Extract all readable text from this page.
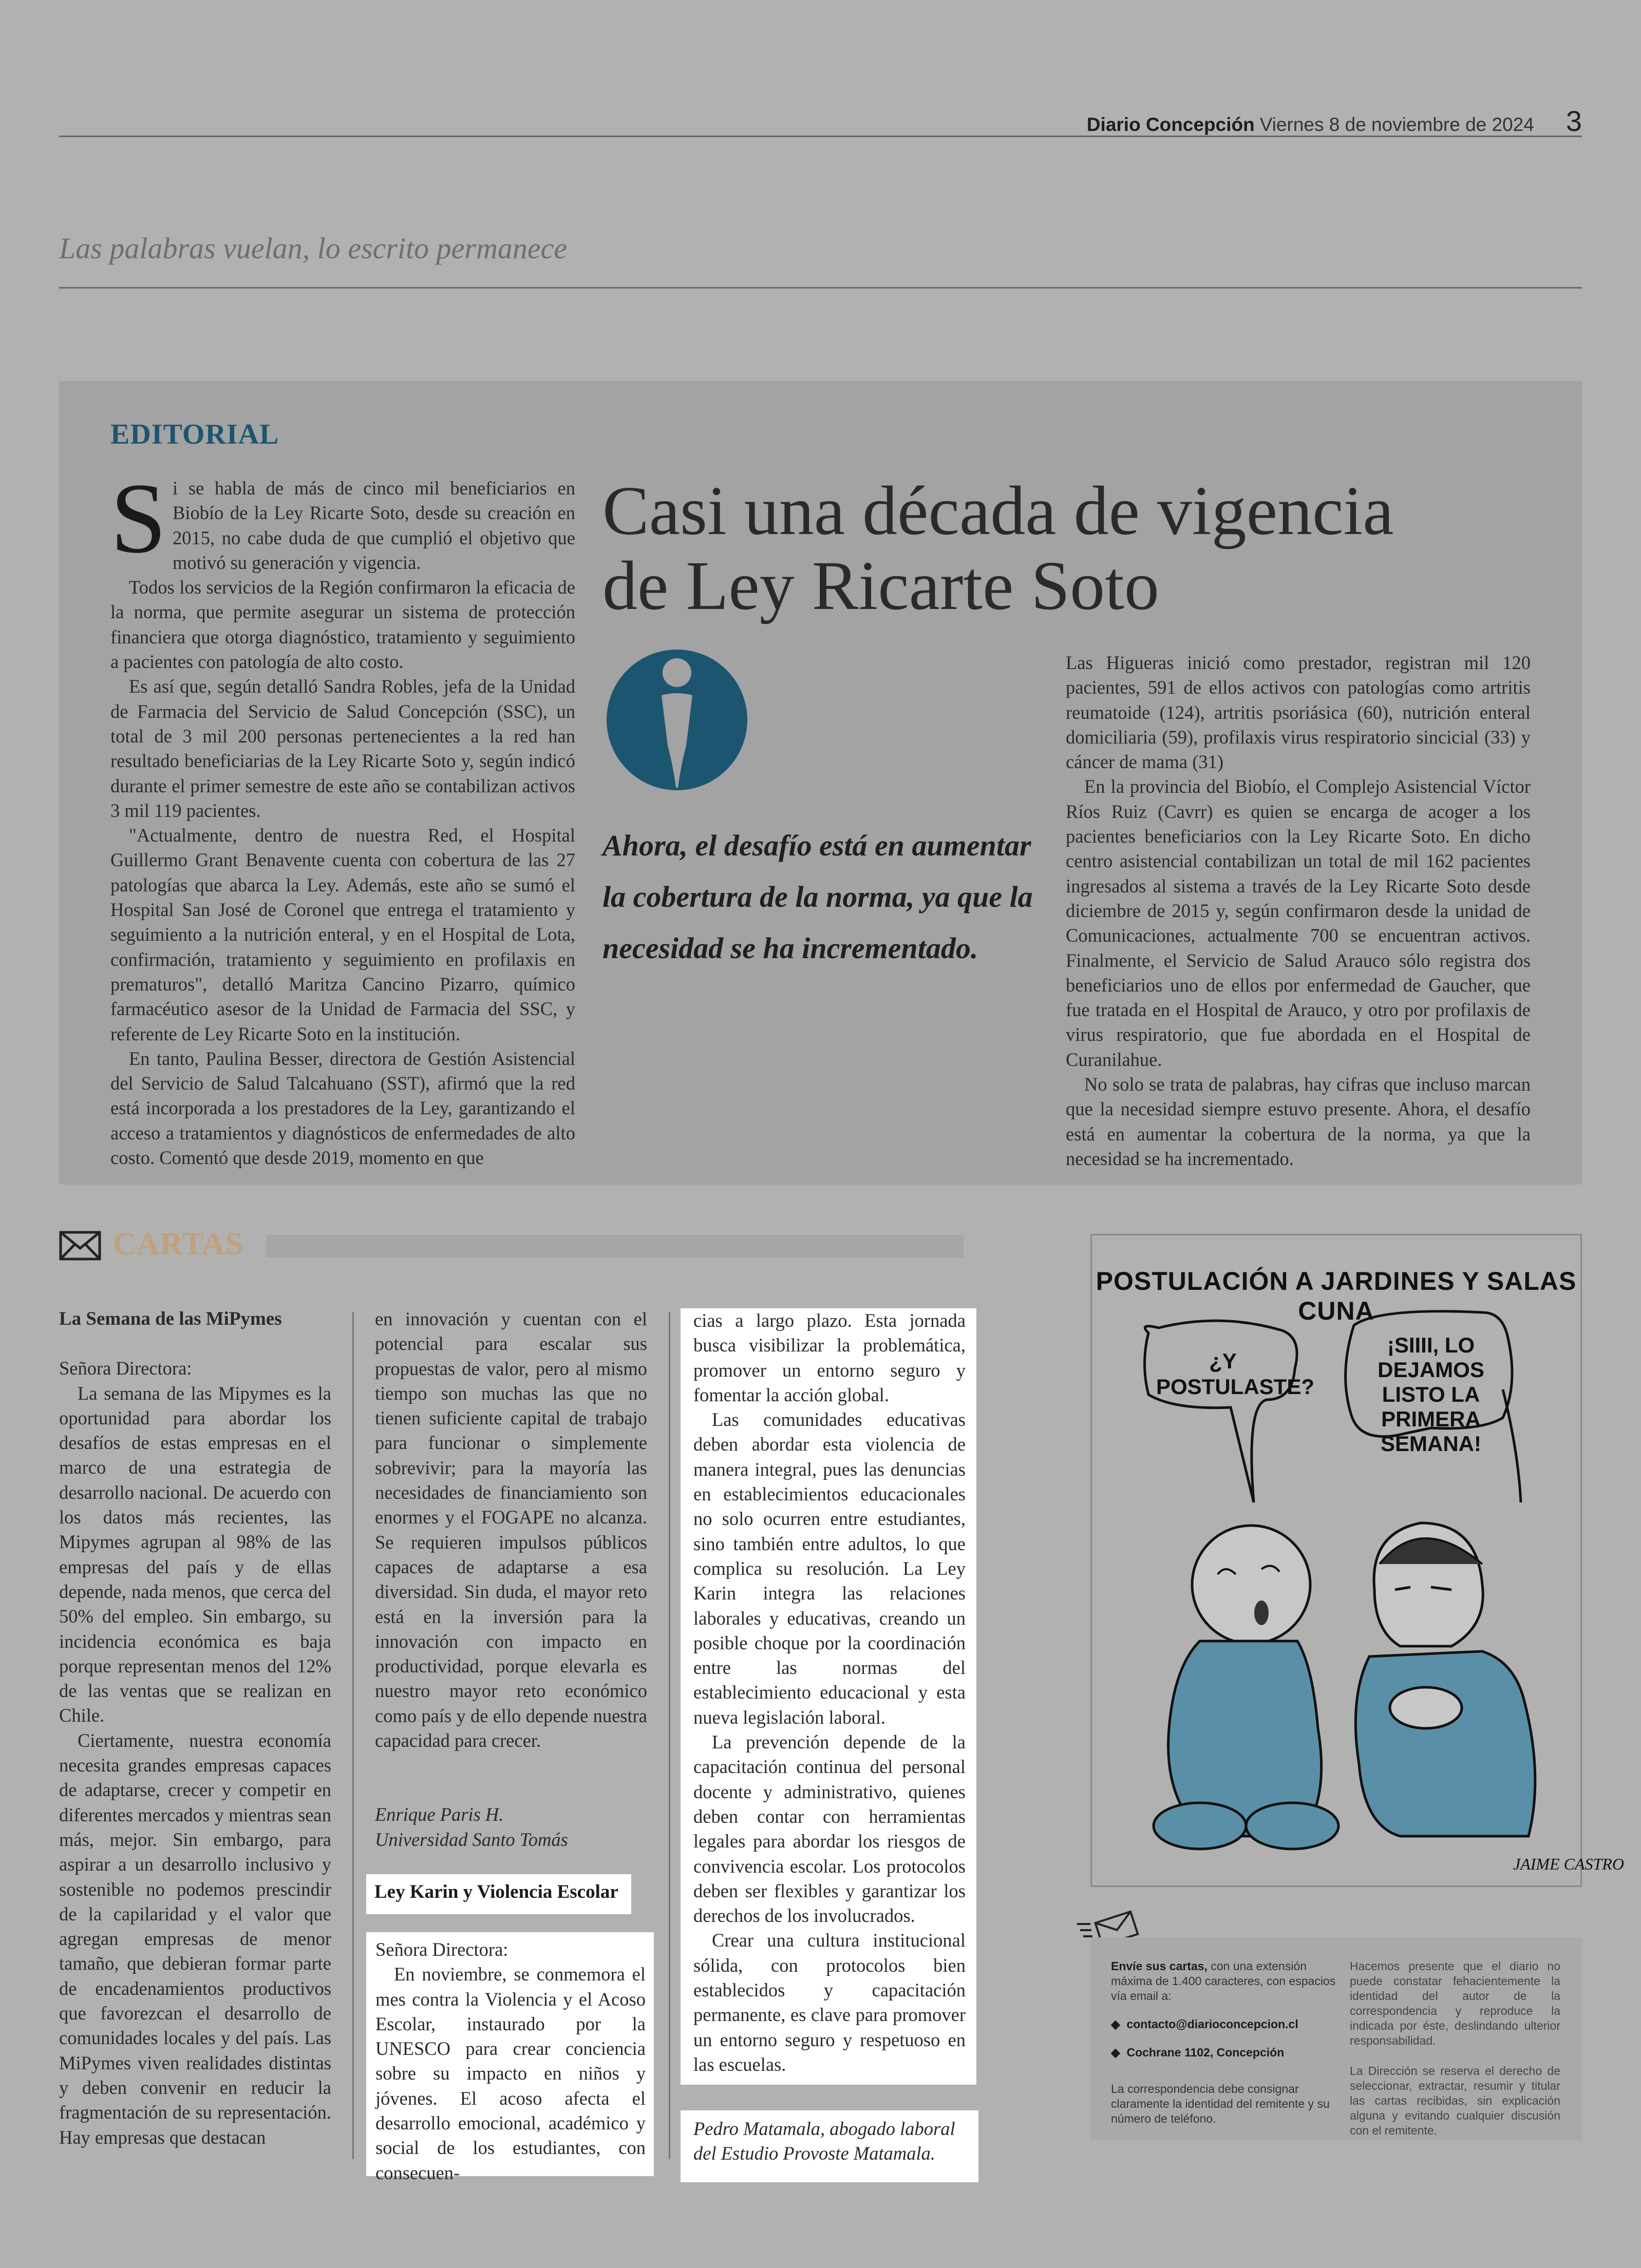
Diario Concepción Viernes 8 de noviembre de 2024 3
Las palabras vuelan, lo escrito permanece
EDITORIAL

Si se habla de más de cinco mil beneficiarios en Biobío de la Ley Ricarte Soto, desde su creación en 2015, no cabe duda de que cumplió el objetivo que motivó su generación y vigencia.

Todos los servicios de la Región confirmaron la eficacia de la norma, que permite asegurar un sistema de protección financiera que otorga diagnóstico, tratamiento y seguimiento a pacientes con patología de alto costo.

Es así que, según detalló Sandra Robles, jefa de la Unidad de Farmacia del Servicio de Salud Concepción (SSC), un total de 3 mil 200 personas pertenecientes a la red han resultado beneficiarias de la Ley Ricarte Soto y, según indicó durante el primer semestre de este año se contabilizan activos 3 mil 119 pacientes.

"Actualmente, dentro de nuestra Red, el Hospital Guillermo Grant Benavente cuenta con cobertura de las 27 patologías que abarca la Ley. Además, este año se sumó el Hospital San José de Coronel que entrega el tratamiento y seguimiento a la nutrición enteral, y en el Hospital de Lota, confirmación, tratamiento y seguimiento en profilaxis en prematuros", detalló Maritza Cancino Pizarro, químico farmacéutico asesor de la Unidad de Farmacia del SSC, y referente de Ley Ricarte Soto en la institución.

En tanto, Paulina Besser, directora de Gestión Asistencial del Servicio de Salud Talcahuano (SST), afirmó que la red está incorporada a los prestadores de la Ley, garantizando el acceso a tratamientos y diagnósticos de enfermedades de alto costo. Comentó que desde 2019, momento en que

Casi una década de vigencia de Ley Ricarte Soto
Ahora, el desafío está en aumentar la cobertura de la norma, ya que la necesidad se ha incrementado.

Las Higueras inició como prestador, registran mil 120 pacientes, 591 de ellos activos con patologías como artritis reumatoide (124), artritis psoriásica (60), nutrición enteral domiciliaria (59), profilaxis virus respiratorio sincicial (33) y cáncer de mama (31)

En la provincia del Biobío, el Complejo Asistencial Víctor Ríos Ruiz (Cavrr) es quien se encarga de acoger a los pacientes beneficiarios con la Ley Ricarte Soto. En dicho centro asistencial contabilizan un total de mil 162 pacientes ingresados al sistema a través de la Ley Ricarte Soto desde diciembre de 2015 y, según confirmaron desde la unidad de Comunicaciones, actualmente 700 se encuentran activos. Finalmente, el Servicio de Salud Arauco sólo registra dos beneficiarios uno de ellos por enfermedad de Gaucher, que fue tratada en el Hospital de Arauco, y otro por profilaxis de virus respiratorio, que fue abordada en el Hospital de Curanilahue.

No solo se trata de palabras, hay cifras que incluso marcan que la necesidad siempre estuvo presente. Ahora, el desafío está en aumentar la cobertura de la norma, ya que la necesidad se ha incrementado.

CARTAS

La Semana de las MiPymes

Señora Directora:

La semana de las Mipymes es la oportunidad para abordar los desafíos de estas empresas en el marco de una estrategia de desarrollo nacional. De acuerdo con los datos más recientes, las Mipymes agrupan al 98% de las empresas del país y de ellas depende, nada menos, que cerca del 50% del empleo. Sin embargo, su incidencia económica es baja porque representan menos del 12% de las ventas que se realizan en Chile.

Ciertamente, nuestra economía necesita grandes empresas capaces de adaptarse, crecer y competir en diferentes mercados y mientras sean más, mejor. Sin embargo, para aspirar a un desarrollo inclusivo y sostenible no podemos prescindir de la capilaridad y el valor que agregan empresas de menor tamaño, que debieran formar parte de encadenamientos productivos que favorezcan el desarrollo de comunidades locales y del país. Las MiPymes viven realidades distintas y deben convenir en reducir la fragmentación de su representación. Hay empresas que destacan

en innovación y cuentan con el potencial para escalar sus propuestas de valor, pero al mismo tiempo son muchas las que no tienen suficiente capital de trabajo para funcionar o simplemente sobrevivir; para la mayoría las necesidades de financiamiento son enormes y el FOGAPE no alcanza. Se requieren impulsos públicos capaces de adaptarse a esa diversidad. Sin duda, el mayor reto está en la inversión para la innovación con impacto en productividad, porque elevarla es nuestro mayor reto económico como país y de ello depende nuestra capacidad para crecer.

Enrique Paris H.
Universidad Santo Tomás
Ley Karin y Violencia Escolar

Señora Directora:

En noviembre, se conmemora el mes contra la Violencia y el Acoso Escolar, instaurado por la UNESCO para crear conciencia sobre su impacto en niños y jóvenes. El acoso afecta el desarrollo emocional, académico y social de los estudiantes, con consecuen-

cias a largo plazo. Esta jornada busca visibilizar la problemática, promover un entorno seguro y fomentar la acción global.

Las comunidades educativas deben abordar esta violencia de manera integral, pues las denuncias en establecimientos educacionales no solo ocurren entre estudiantes, sino también entre adultos, lo que complica su resolución. La Ley Karin integra las relaciones laborales y educativas, creando un posible choque por la coordinación entre las normas del establecimiento educacional y esta nueva legislación laboral.

La prevención depende de la capacitación continua del personal docente y administrativo, quienes deben contar con herramientas legales para abordar los riesgos de convivencia escolar. Los protocolos deben ser flexibles y garantizar los derechos de los involucrados.

Crear una cultura institucional sólida, con protocolos bien establecidos y capacitación permanente, es clave para promover un entorno seguro y respetuoso en las escuelas.

Pedro Matamala, abogado laboral del Estudio Provoste Matamala.
POSTULACIÓN A JARDINES Y SALAS CUNA
JAIME CASTRO
¿Y POSTULASTE?
¡SIIII, LO DEJAMOS LISTO LA PRIMERA SEMANA!
Envíe sus cartas, con una extensión máxima de 1.400 caracteres, con espacios vía email a:
◆  contacto@diarioconcepcion.cl
◆  Cochrane 1102, Concepción
La correspondencia debe consignar claramente la identidad del remitente y su número de teléfono.
Hacemos presente que el diario no puede constatar fehacientemente la identidad del autor de la correspondencia y reproduce la indicada por éste, deslindando ulterior responsabilidad.
La Dirección se reserva el derecho de seleccionar, extractar, resumir y titular las cartas recibidas, sin explicación alguna y evitando cualquier discusión con el remitente.
